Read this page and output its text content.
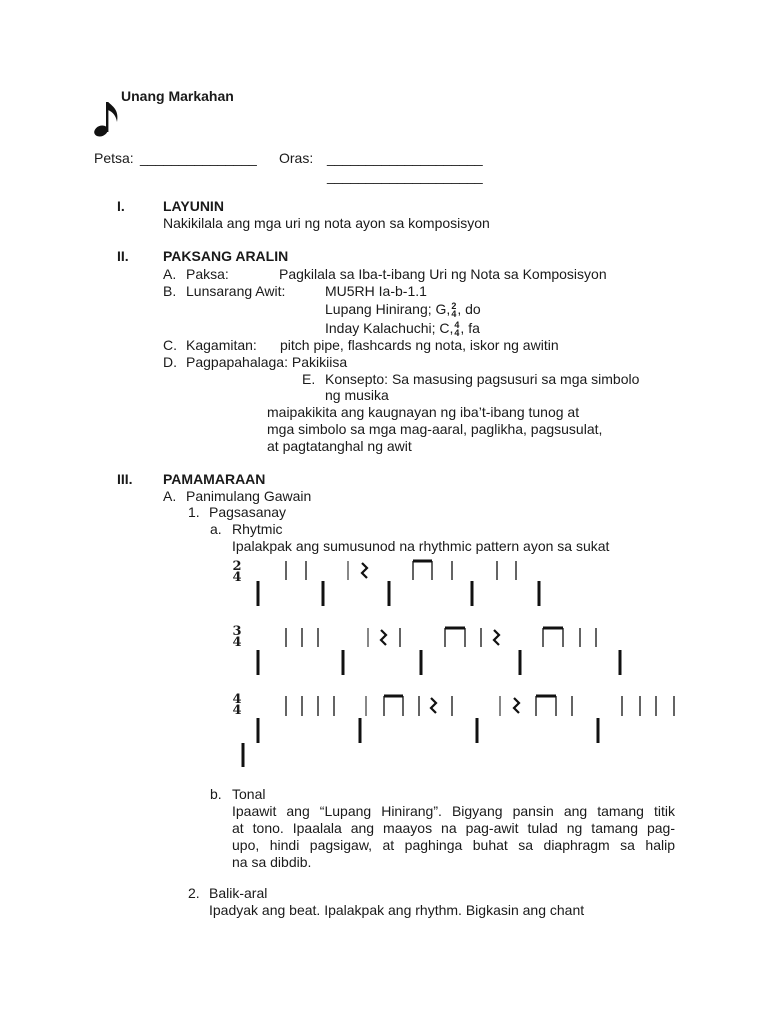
Unang Markahan
Petsa: _______________ Oras: ____________________
____________________
I.	LAYUNIN
Nakikilala ang mga uri ng nota ayon sa komposisyon
II. PAKSANG ARALIN
A. Paksa:	Pagkilala sa Iba-t-ibang Uri ng Nota sa Komposisyon
B. Lunsarang Awit:	MU5RH Ia-b-1.1
Lupang Hinirang; G, 2
4 , do
Inday Kalachuchi; C, 4
4 , fa
C. Kagamitan: pitch pipe, flashcards ng nota, iskor ng awitin
D. Pagpapahalaga: Pakikiisa
E. Konsepto: Sa masusing pagsusuri sa mga simbolo
ng musika
maipakikita ang kaugnayan ng iba’t-ibang tunog at
mga simbolo sa mga mag-aaral, paglikha, pagsusulat,
at pagtatanghal ng awit
III. PAMAMARAAN
A. Panimulang Gawain
1. Pagsasanay
a. Rhytmic
Ipalakpak ang sumusunod na rhythmic pattern ayon sa sukat
2
4
3
4
4
4
b. Tonal
Ipaawit ang “Lupang Hinirang”. Bigyang pansin ang tamang titik
at tono. Ipaalala ang maayos na pag-awit tulad ng tamang pag-
upo, hindi pagsigaw, at paghinga buhat sa diaphragm sa halip
na sa dibdib.
2. Balik-aral
Ipadyak ang beat. Ipalakpak ang rhythm. Bigkasin ang chant
